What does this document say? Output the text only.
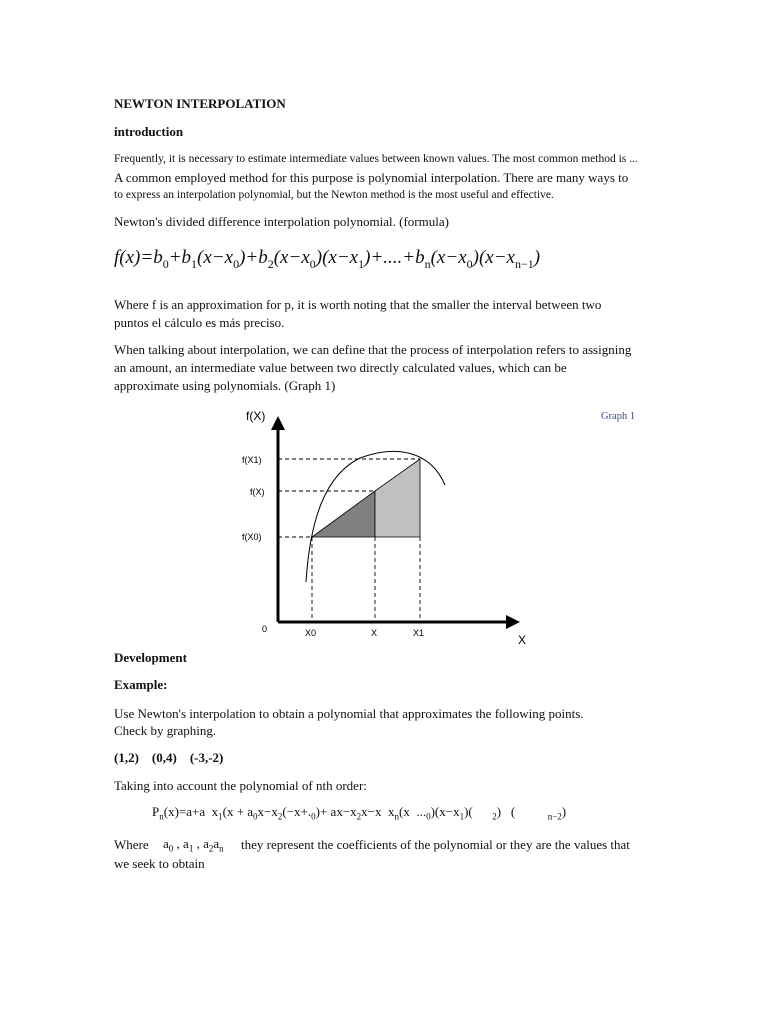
NEWTON INTERPOLATION
introduction
Frequently, it is necessary to estimate intermediate values between known values. The most common method is ...
A common employed method for this purpose is polynomial interpolation. There are many ways to
to express an interpolation polynomial, but the Newton method is the most useful and effective.
Newton's divided difference interpolation polynomial. (formula)
$f(x)=b_0+b_1(x-x_0)+b_2(x-x_0)(x-x_1)+....+b_n(x-x_0)(x-x_{n-1})$
Where f is an approximation for p, it is worth noting that the smaller the interval between two
puntos el cálculo es más preciso.
When talking about interpolation, we can define that the process of interpolation refers to assigning
an amount, an intermediate value between two directly calculated values, which can be
approximate using polynomials. (Graph 1)
f(X)
f(X1)
f(X)
f(X0)
0	X0	X	X1	X
Graph 1
Development
Example:
Use Newton's interpolation to obtain a polynomial that approximates the following points.
Check by graphing.
(1,2)    (0,4)    (-3,-2)
Taking into account the polynomial of nth order:
$P_n(x)=a+a$  $x_1(x + a_0x-x_2(-x+._0)+ ax-x_2x-x$  $x_n(x$  $..._0)(x-x_1)$( $_2$)   (	$_{n-2}$)
Where $a_0$ , $a_1$ , $a_2a_n$ they represent the coefficients of the polynomial or they are the values that
we seek to obtain
